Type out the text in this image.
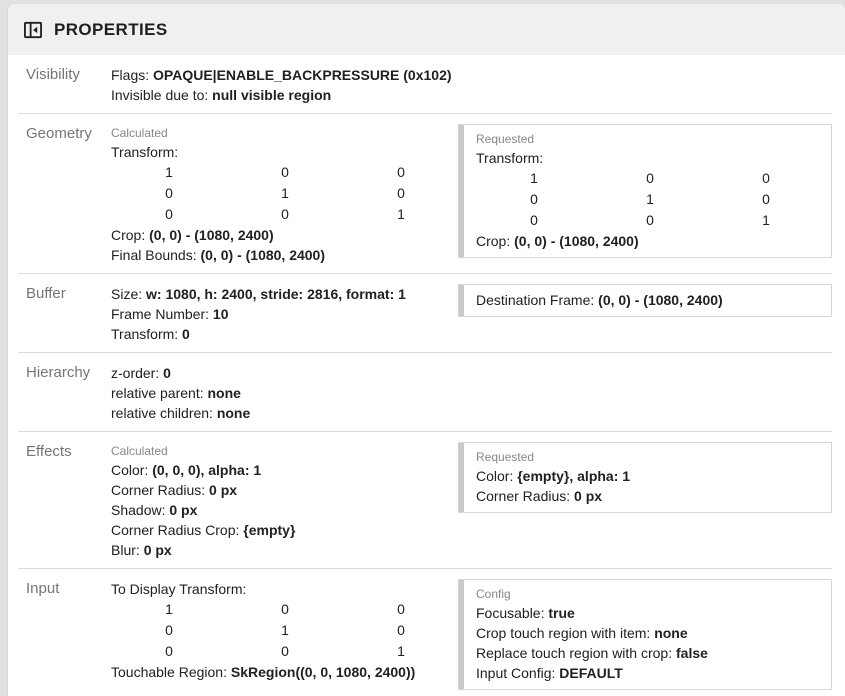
PROPERTIES
Visibility	Flags: OPAQUE|ENABLE_BACKPRESSURE (0x102)

Invisible due to: null visible region

Geometry	Calculated

Transform:

1	0	0
0	1	0
0	0	1

Crop: (0, 0) - (1080, 2400)

Final Bounds: (0, 0) - (1080, 2400)

Requested

Transform:

1	0	0
0	1	0
0	0	1

Crop: (0, 0) - (1080, 2400)

Buffer	Size: w: 1080, h: 2400, stride: 2816, format: 1

Frame Number: 10

Transform: 0

Destination Frame: (0, 0) - (1080, 2400)

Hierarchy	z-order: 0

relative parent: none

relative children: none

Effects	Calculated

Color: (0, 0, 0), alpha: 1

Corner Radius: 0 px

Shadow: 0 px

Corner Radius Crop: {empty}

Blur: 0 px

Requested

Color: {empty}, alpha: 1

Corner Radius: 0 px

Input	To Display Transform:

1	0	0
0	1	0
0	0	1

Touchable Region: SkRegion((0, 0, 1080, 2400))

Config

Focusable: true

Crop touch region with item: none

Replace touch region with crop: false

Input Config: DEFAULT
